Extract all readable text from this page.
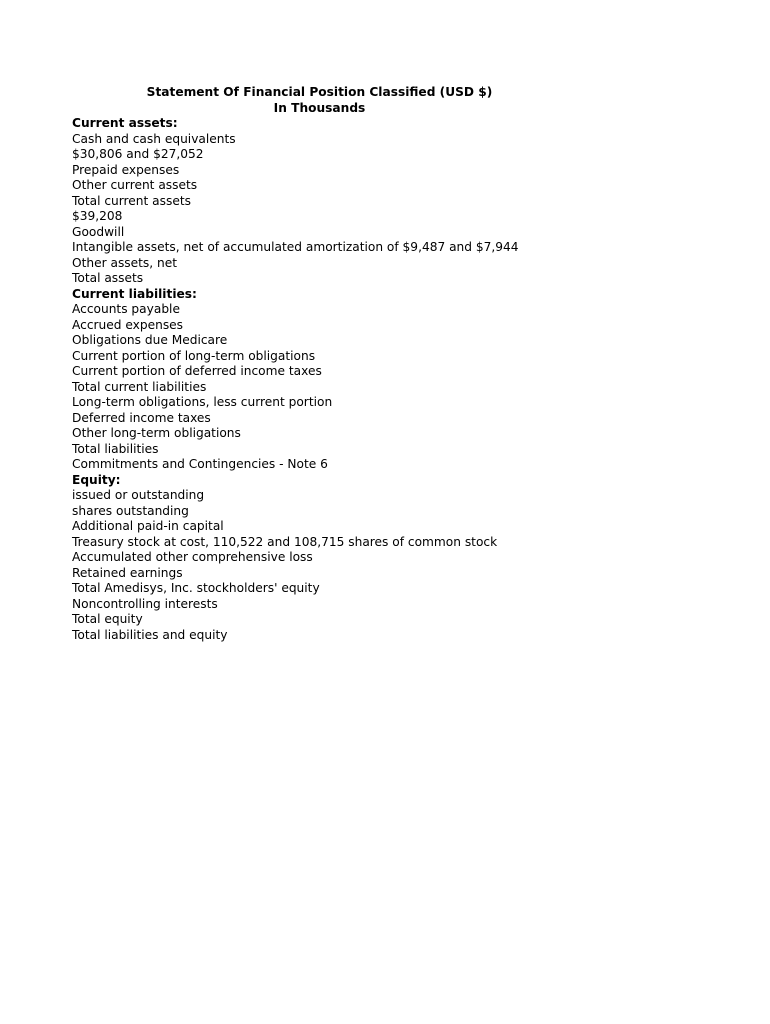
Statement Of Financial Position Classified (USD $)
In Thousands
Current assets:
Cash and cash equivalents
$30,806 and $27,052
Prepaid expenses
Other current assets
Total current assets
$39,208
Goodwill
Intangible assets, net of accumulated amortization of $9,487 and $7,944
Other assets, net
Total assets
Current liabilities:
Accounts payable
Accrued expenses
Obligations due Medicare
Current portion of long-term obligations
Current portion of deferred income taxes
Total current liabilities
Long-term obligations, less current portion
Deferred income taxes
Other long-term obligations
Total liabilities
Commitments and Contingencies - Note 6
Equity:
issued or outstanding
shares outstanding
Additional paid-in capital
Treasury stock at cost, 110,522 and 108,715 shares of common stock
Accumulated other comprehensive loss
Retained earnings
Total Amedisys, Inc. stockholders' equity
Noncontrolling interests
Total equity
Total liabilities and equity
